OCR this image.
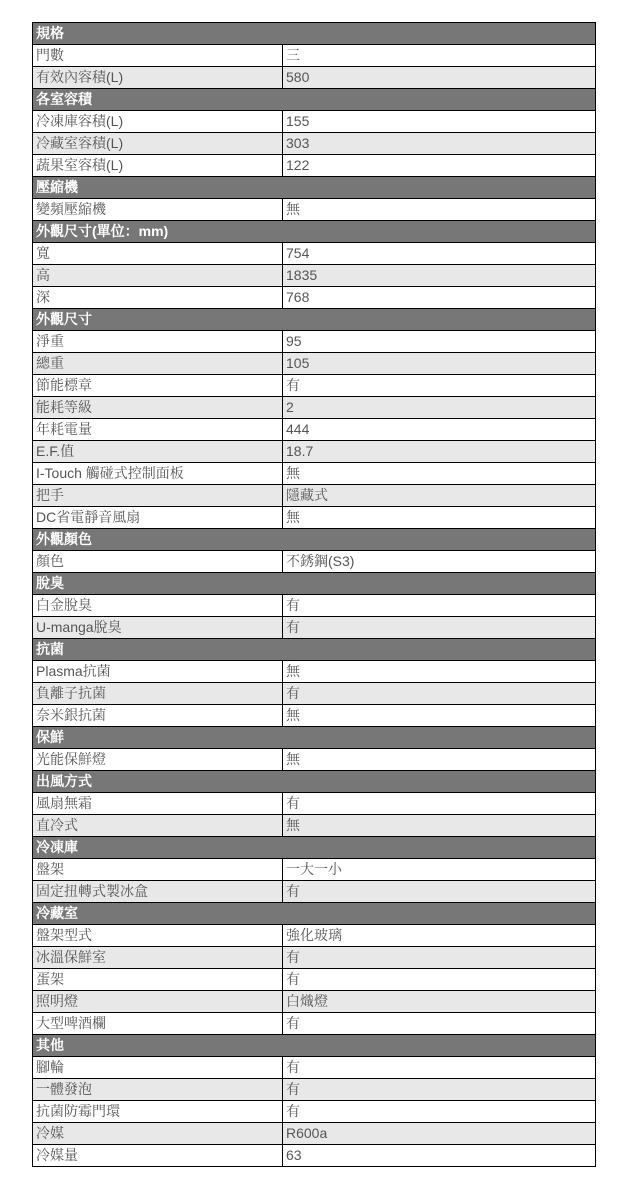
規格	
門數	三
有效內容積(L)	580
各室容積	
冷凍庫容積(L)	155
冷藏室容積(L)	303
蔬果室容積(L)	122
壓縮機	
變頻壓縮機	無
外觀尺寸(單位：mm)	
寬	754
高	1835
深	768
外觀尺寸	
淨重	95
總重	105
節能標章	有
能耗等級	2
年耗電量	444
E.F.值	18.7
I-Touch 觸碰式控制面板	無
把手	隱藏式
DC省電靜音風扇	無
外觀顏色	
顏色	不銹鋼(S3)
脫臭	
白金脫臭	有
U-manga脫臭	有
抗菌	
Plasma抗菌	無
負離子抗菌	有
奈米銀抗菌	無
保鮮	
光能保鮮燈	無
出風方式	
風扇無霜	有
直冷式	無
冷凍庫	
盤架	一大一小
固定扭轉式製冰盒	有
冷藏室	
盤架型式	強化玻璃
冰溫保鮮室	有
蛋架	有
照明燈	白熾燈
大型啤酒欄	有
其他	
腳輪	有
一體發泡	有
抗菌防霉門環	有
冷媒	R600a
冷媒量	63
